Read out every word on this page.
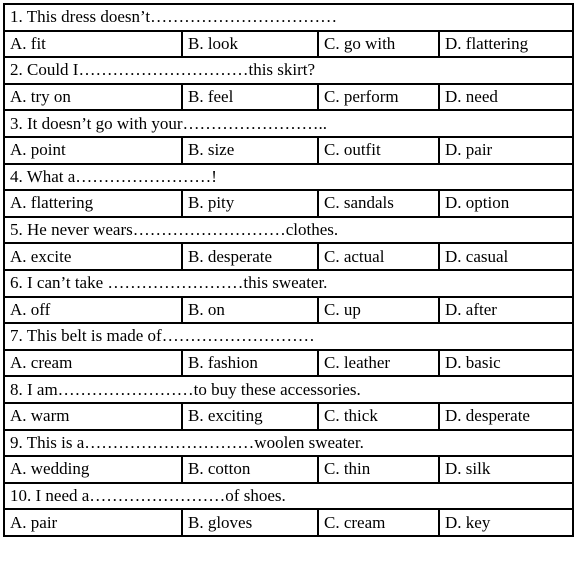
1. This dress doesn’t……………………………			
A. fit	B. look	C. go with	D. flattering
2. Could I…………………………this skirt?			
A. try on	B. feel	C. perform	D. need
3. It doesn’t go with your……………………..			
A. point	B. size	C. outfit	D. pair
4. What a……………………!			
A. flattering	B. pity	C. sandals	D. option
5. He never wears………………………clothes.			
A. excite	B. desperate	C. actual	D. casual
6. I can’t take ……………………this sweater.			
A. off	B. on	C. up	D. after
7. This belt is made of………………………			
A. cream	B. fashion	C. leather	D. basic
8. I am……………………to buy these accessories.			
A. warm	B. exciting	C. thick	D. desperate
9. This is a…………………………woolen sweater.			
A. wedding	B. cotton	C. thin	D. silk
10. I need a……………………of shoes.			
A. pair	B. gloves	C. cream	D. key
